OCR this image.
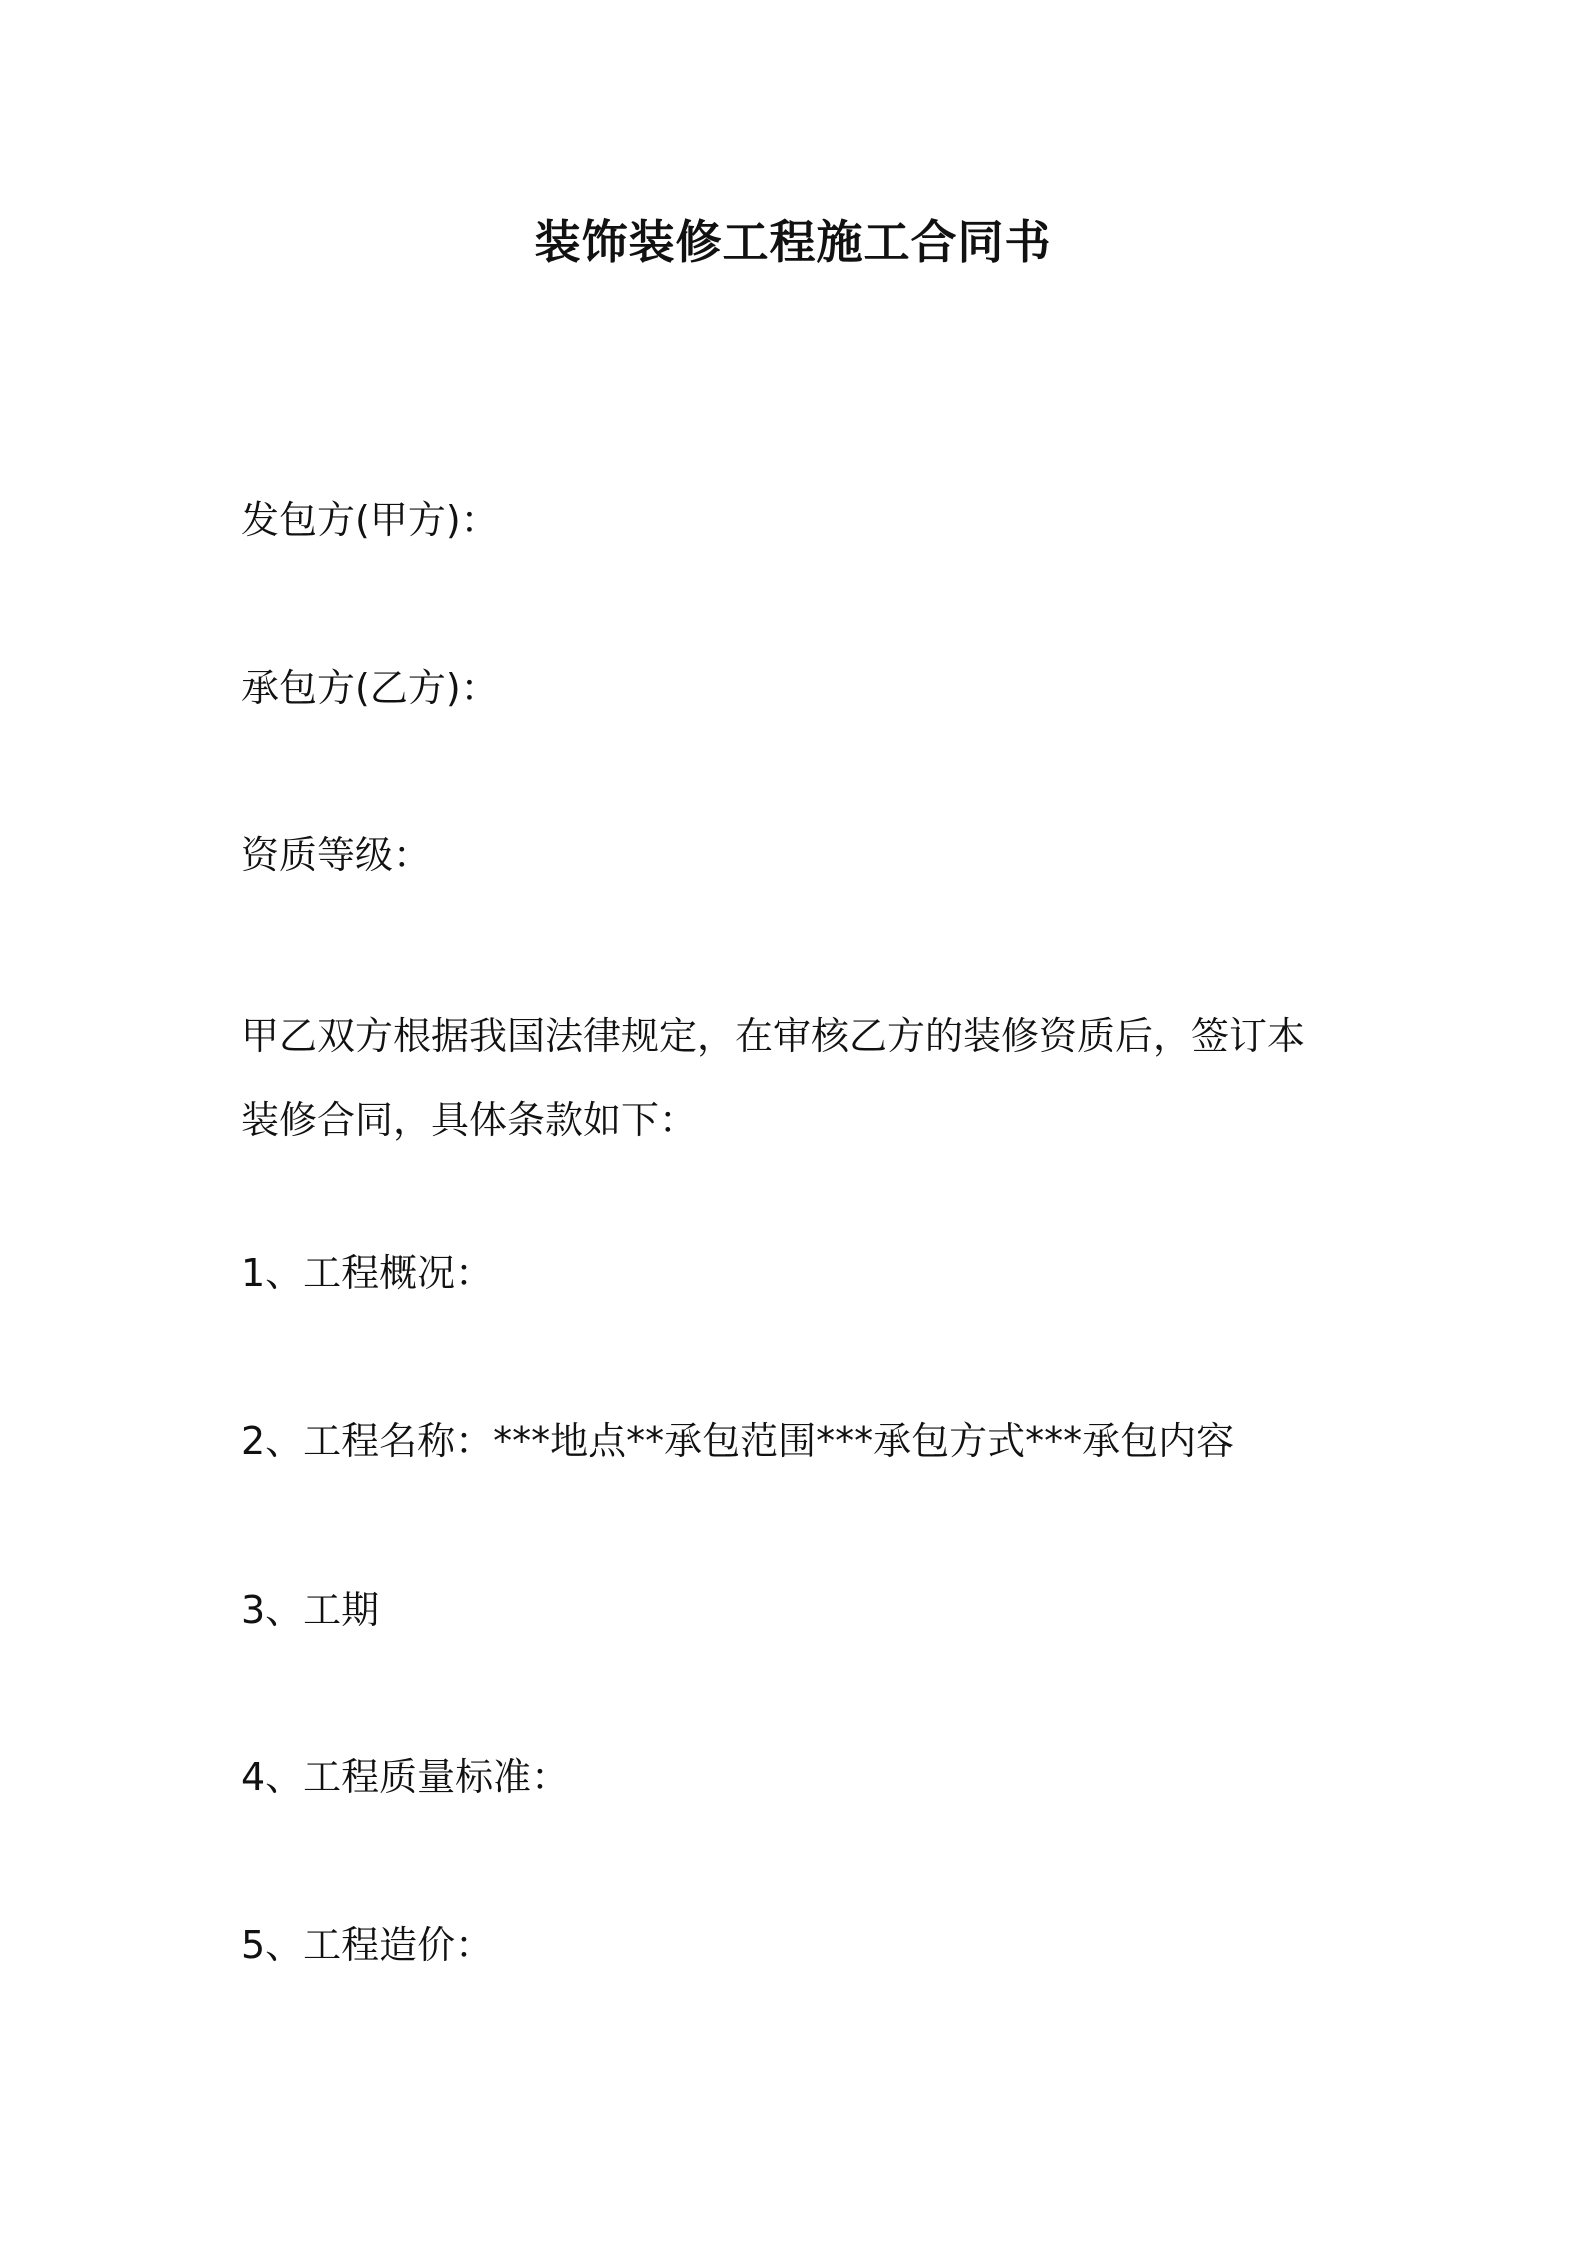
装饰装修工程施工合同书
发包方(甲方)：
承包方(乙方)：
资质等级：
甲乙双方根据我国法律规定，在审核乙方的装修资质后，签订本
装修合同，具体条款如下：
1、工程概况：
2、工程名称：***地点**承包范围***承包方式***承包内容
3、工期
4、工程质量标准：
5、工程造价：
